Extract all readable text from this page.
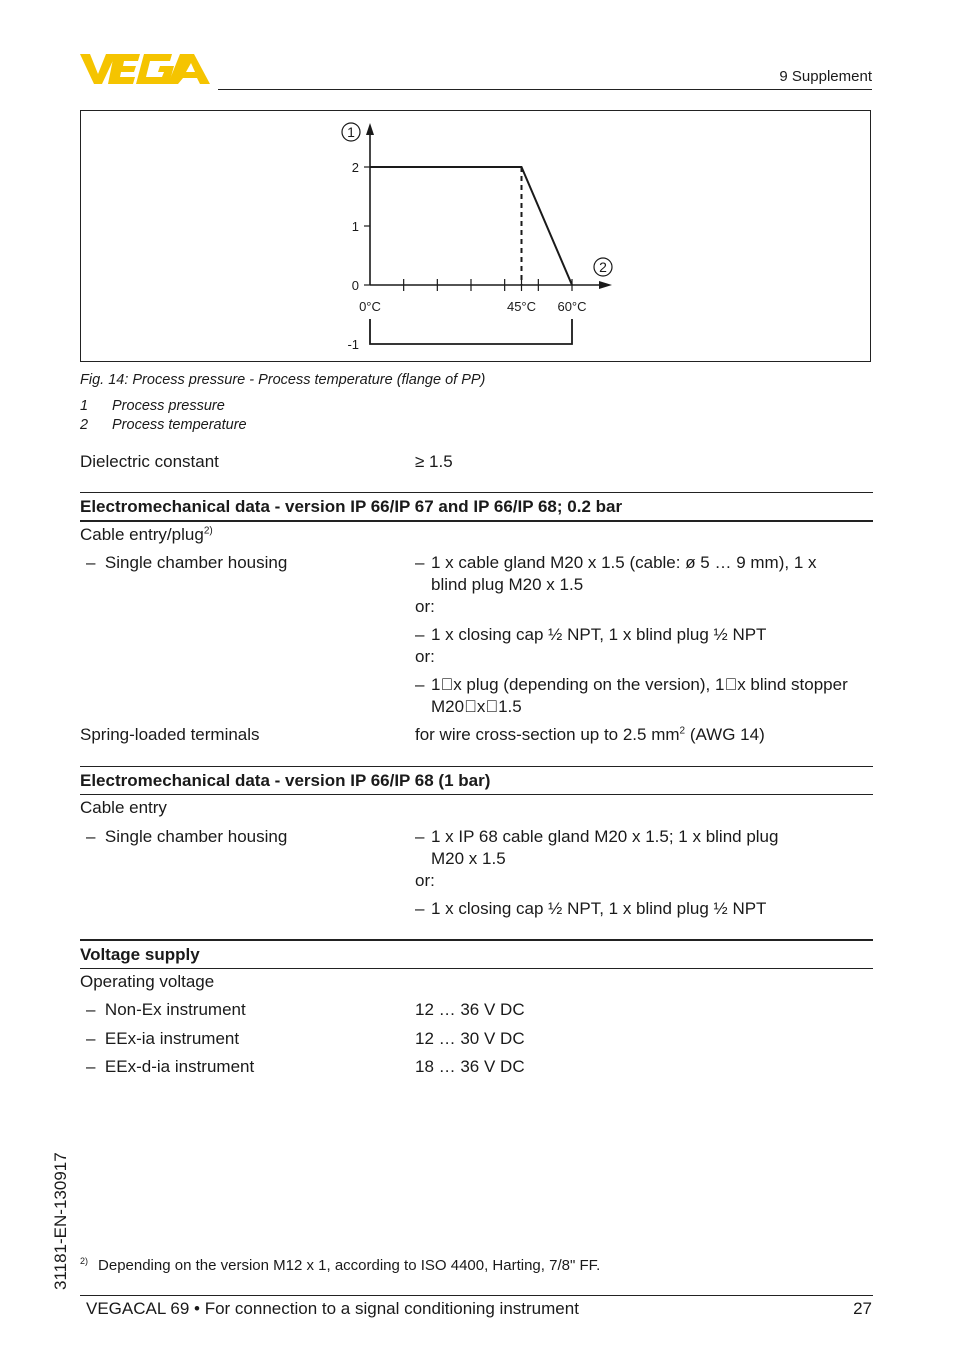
9 Supplement
2
1
0
0°C	45°C 60°C
-1
1
2
Fig. 14: Process pressure - Process temperature (flange of PP)
1 Process pressure
2 Process temperature
Dielectric constant	≥ 1.5
Electromechanical data - version IP 66/IP 67 and IP 66/IP 68; 0.2 bar
Cable entry/plug$^{2)}$
– Single chamber housing	– 1 x cable gland M20 x 1.5 (cable: ø 5 … 9 mm), 1 x
blind plug M20 x 1.5
or:
– 1 x closing cap ½ NPT, 1 x blind plug ½ NPT
or:
– 1 x plug (depending on the version), 1 x blind stopper
M20 x 1.5
Spring-loaded terminals	for wire cross-section up to 2.5 $mm^2$ (AWG 14)
Electromechanical data - version IP 66/IP 68 (1 bar)
Cable entry
– Single chamber housing	– 1 x IP 68 cable gland M20 x 1.5; 1 x blind plug
M20 x 1.5
or:
– 1 x closing cap ½ NPT, 1 x blind plug ½ NPT
Voltage supply
Operating voltage
– Non-Ex instrument	12 … 36 V DC
– EEx-ia instrument	12 … 30 V DC
– EEx-d-ia instrument	18 … 36 V DC
31181-EN-130917 $^{2)}$ Depending on the version M12 x 1, according to ISO 4400, Harting, 7/8" FF.
VEGACAL 69 • For connection to a signal conditioning instrument	27
